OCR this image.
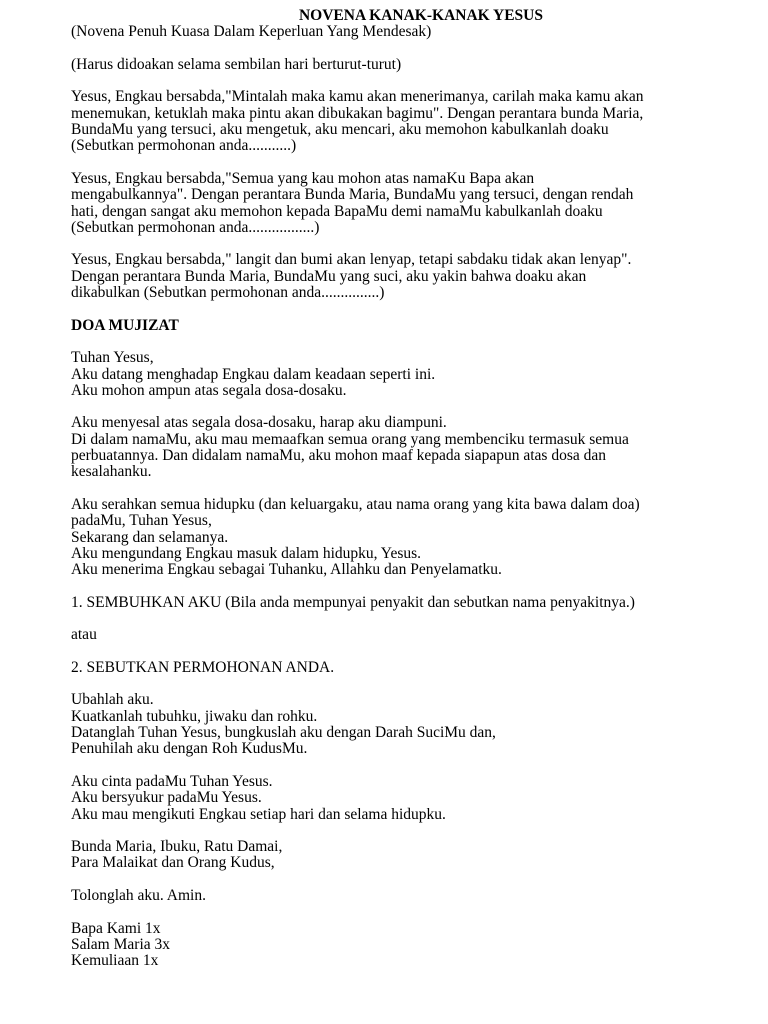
NOVENA KANAK-KANAK YESUS
(Novena Penuh Kuasa Dalam Keperluan Yang Mendesak)
(Harus didoakan selama sembilan hari berturut-turut)
Yesus, Engkau bersabda,"Mintalah maka kamu akan menerimanya, carilah maka kamu akan
menemukan, ketuklah maka pintu akan dibukakan bagimu". Dengan perantara bunda Maria,
BundaMu yang tersuci, aku mengetuk, aku mencari, aku memohon kabulkanlah doaku
(Sebutkan permohonan anda...........)
Yesus, Engkau bersabda,"Semua yang kau mohon atas namaKu Bapa akan
mengabulkannya". Dengan perantara Bunda Maria, BundaMu yang tersuci, dengan rendah
hati, dengan sangat aku memohon kepada BapaMu demi namaMu kabulkanlah doaku
(Sebutkan permohonan anda.................)
Yesus, Engkau bersabda," langit dan bumi akan lenyap, tetapi sabdaku tidak akan lenyap".
Dengan perantara Bunda Maria, BundaMu yang suci, aku yakin bahwa doaku akan
dikabulkan (Sebutkan permohonan anda...............)
DOA MUJIZAT
Tuhan Yesus,
Aku datang menghadap Engkau dalam keadaan seperti ini.
Aku mohon ampun atas segala dosa-dosaku.
Aku menyesal atas segala dosa-dosaku, harap aku diampuni.
Di dalam namaMu, aku mau memaafkan semua orang yang membenciku termasuk semua
perbuatannya. Dan didalam namaMu, aku mohon maaf kepada siapapun atas dosa dan
kesalahanku.
Aku serahkan semua hidupku (dan keluargaku, atau nama orang yang kita bawa dalam doa)
padaMu, Tuhan Yesus,
Sekarang dan selamanya.
Aku mengundang Engkau masuk dalam hidupku, Yesus.
Aku menerima Engkau sebagai Tuhanku, Allahku dan Penyelamatku.
1. SEMBUHKAN AKU (Bila anda mempunyai penyakit dan sebutkan nama penyakitnya.)
atau
2. SEBUTKAN PERMOHONAN ANDA.
Ubahlah aku.
Kuatkanlah tubuhku, jiwaku dan rohku.
Datanglah Tuhan Yesus, bungkuslah aku dengan Darah SuciMu dan,
Penuhilah aku dengan Roh KudusMu.
Aku cinta padaMu Tuhan Yesus.
Aku bersyukur padaMu Yesus.
Aku mau mengikuti Engkau setiap hari dan selama hidupku.
Bunda Maria, Ibuku, Ratu Damai,
Para Malaikat dan Orang Kudus,
Tolonglah aku. Amin.
Bapa Kami 1x
Salam Maria 3x
Kemuliaan 1x
